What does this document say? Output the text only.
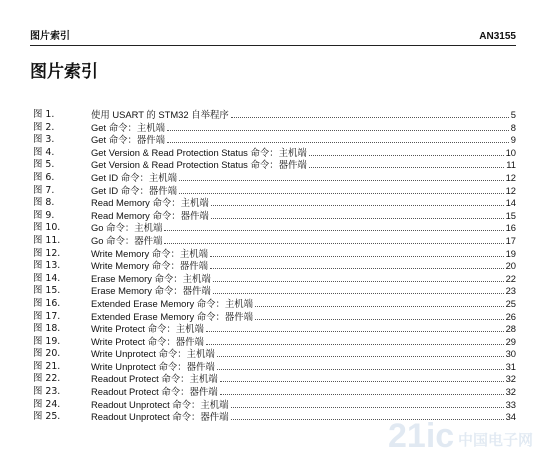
图片索引	AN3155
图片索引
图 1.	使用 USART 的 STM32 自举程序	5
图 2.	Get 命令：主机端	8
图 3.	Get 命令：器件端	9
图 4.	Get Version & Read Protection Status 命令：主机端	10
图 5.	Get Version & Read Protection Status 命令：器件端	11
图 6.	Get ID 命令：主机端	12
图 7.	Get ID 命令：器件端	12
图 8.	Read Memory 命令：主机端	14
图 9.	Read Memory 命令：器件端	15
图 10.	Go 命令：主机端	16
图 11.	Go 命令：器件端	17
图 12.	Write Memory 命令：主机端	19
图 13.	Write Memory 命令：器件端	20
图 14.	Erase Memory 命令：主机端	22
图 15.	Erase Memory 命令：器件端	23
图 16.	Extended Erase Memory 命令：主机端	25
图 17.	Extended Erase Memory 命令：器件端	26
图 18.	Write Protect 命令：主机端	28
图 19.	Write Protect 命令：器件端	29
图 20.	Write Unprotect 命令：主机端	30
图 21.	Write Unprotect 命令：器件端	31
图 22.	Readout Protect 命令：主机端	32
图 23.	Readout Protect 命令：器件端	32
图 24.	Readout Unprotect 命令：主机端	33
图 25.	Readout Unprotect 命令：器件端	34
21ic 中国电子网
